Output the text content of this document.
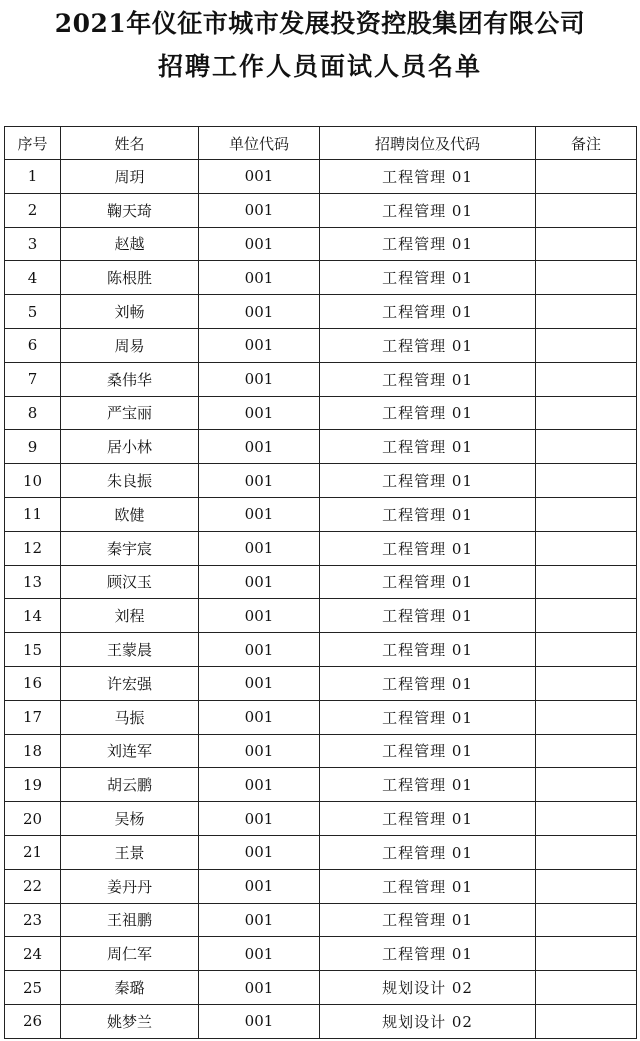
2021年仪征市城市发展投资控股集团有限公司
招聘工作人员面试人员名单
序号	姓名	单位代码	招聘岗位及代码	备注
1	周玥	001	工程管理 01	
2	鞠天琦	001	工程管理 01	
3	赵越	001	工程管理 01	
4	陈根胜	001	工程管理 01	
5	刘畅	001	工程管理 01	
6	周易	001	工程管理 01	
7	桑伟华	001	工程管理 01	
8	严宝丽	001	工程管理 01	
9	居小林	001	工程管理 01	
10	朱良振	001	工程管理 01	
11	欧健	001	工程管理 01	
12	秦宇宸	001	工程管理 01	
13	顾汉玉	001	工程管理 01	
14	刘程	001	工程管理 01	
15	王蒙晨	001	工程管理 01	
16	许宏强	001	工程管理 01	
17	马振	001	工程管理 01	
18	刘连军	001	工程管理 01	
19	胡云鹏	001	工程管理 01	
20	吴杨	001	工程管理 01	
21	王景	001	工程管理 01	
22	姜丹丹	001	工程管理 01	
23	王祖鹏	001	工程管理 01	
24	周仁军	001	工程管理 01	
25	秦璐	001	规划设计 02	
26	姚梦兰	001	规划设计 02	
